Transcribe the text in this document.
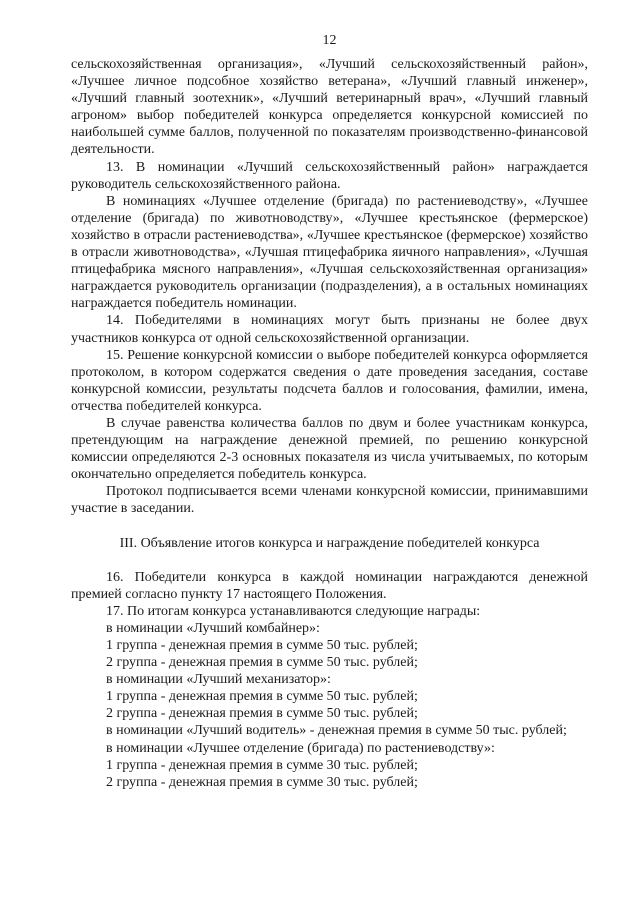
12

сельскохозяйственная организация», «Лучший сельскохозяйственный район», «Лучшее личное подсобное хозяйство ветерана», «Лучший главный инженер», «Лучший главный зоотехник», «Лучший ветеринарный врач», «Лучший главный агроном» выбор победителей конкурса определяется конкурсной комиссией по наибольшей сумме баллов, полученной по показателям производственно-финансовой деятельности.

13. В номинации «Лучший сельскохозяйственный район» награждается руководитель сельскохозяйственного района.

В номинациях «Лучшее отделение (бригада) по растениеводству», «Лучшее отделение (бригада) по животноводству», «Лучшее крестьянское (фермерское) хозяйство в отрасли растениеводства», «Лучшее крестьянское (фермерское) хозяйство в отрасли животноводства», «Лучшая птицефабрика яичного направления», «Лучшая птицефабрика мясного направления», «Лучшая сельскохозяйственная организация» награждается руководитель организации (подразделения), а в остальных номинациях награждается победитель номинации.

14. Победителями в номинациях могут быть признаны не более двух участников конкурса от одной сельскохозяйственной организации.

15. Решение конкурсной комиссии о выборе победителей конкурса оформляется протоколом, в котором содержатся сведения о дате проведения заседания, составе конкурсной комиссии, результаты подсчета баллов и голосования, фамилии, имена, отчества победителей конкурса.

В случае равенства количества баллов по двум и более участникам конкурса, претендующим на награждение денежной премией, по решению конкурсной комиссии определяются 2-3 основных показателя из числа учитываемых, по которым окончательно определяется победитель конкурса.

Протокол подписывается всеми членами конкурсной комиссии, принимавшими участие в заседании.

III. Объявление итогов конкурса и награждение победителей конкурса

16. Победители конкурса в каждой номинации награждаются денежной премией согласно пункту 17 настоящего Положения.

17. По итогам конкурса устанавливаются следующие награды:

в номинации «Лучший комбайнер»:

1 группа - денежная премия в сумме 50 тыс. рублей;

2 группа - денежная премия в сумме 50 тыс. рублей;

в номинации «Лучший механизатор»:

1 группа - денежная премия в сумме 50 тыс. рублей;

2 группа - денежная премия в сумме 50 тыс. рублей;

в номинации «Лучший водитель» - денежная премия в сумме 50 тыс. рублей;

в номинации «Лучшее отделение (бригада) по растениеводству»:

1 группа - денежная премия в сумме 30 тыс. рублей;

2 группа - денежная премия в сумме 30 тыс. рублей;
